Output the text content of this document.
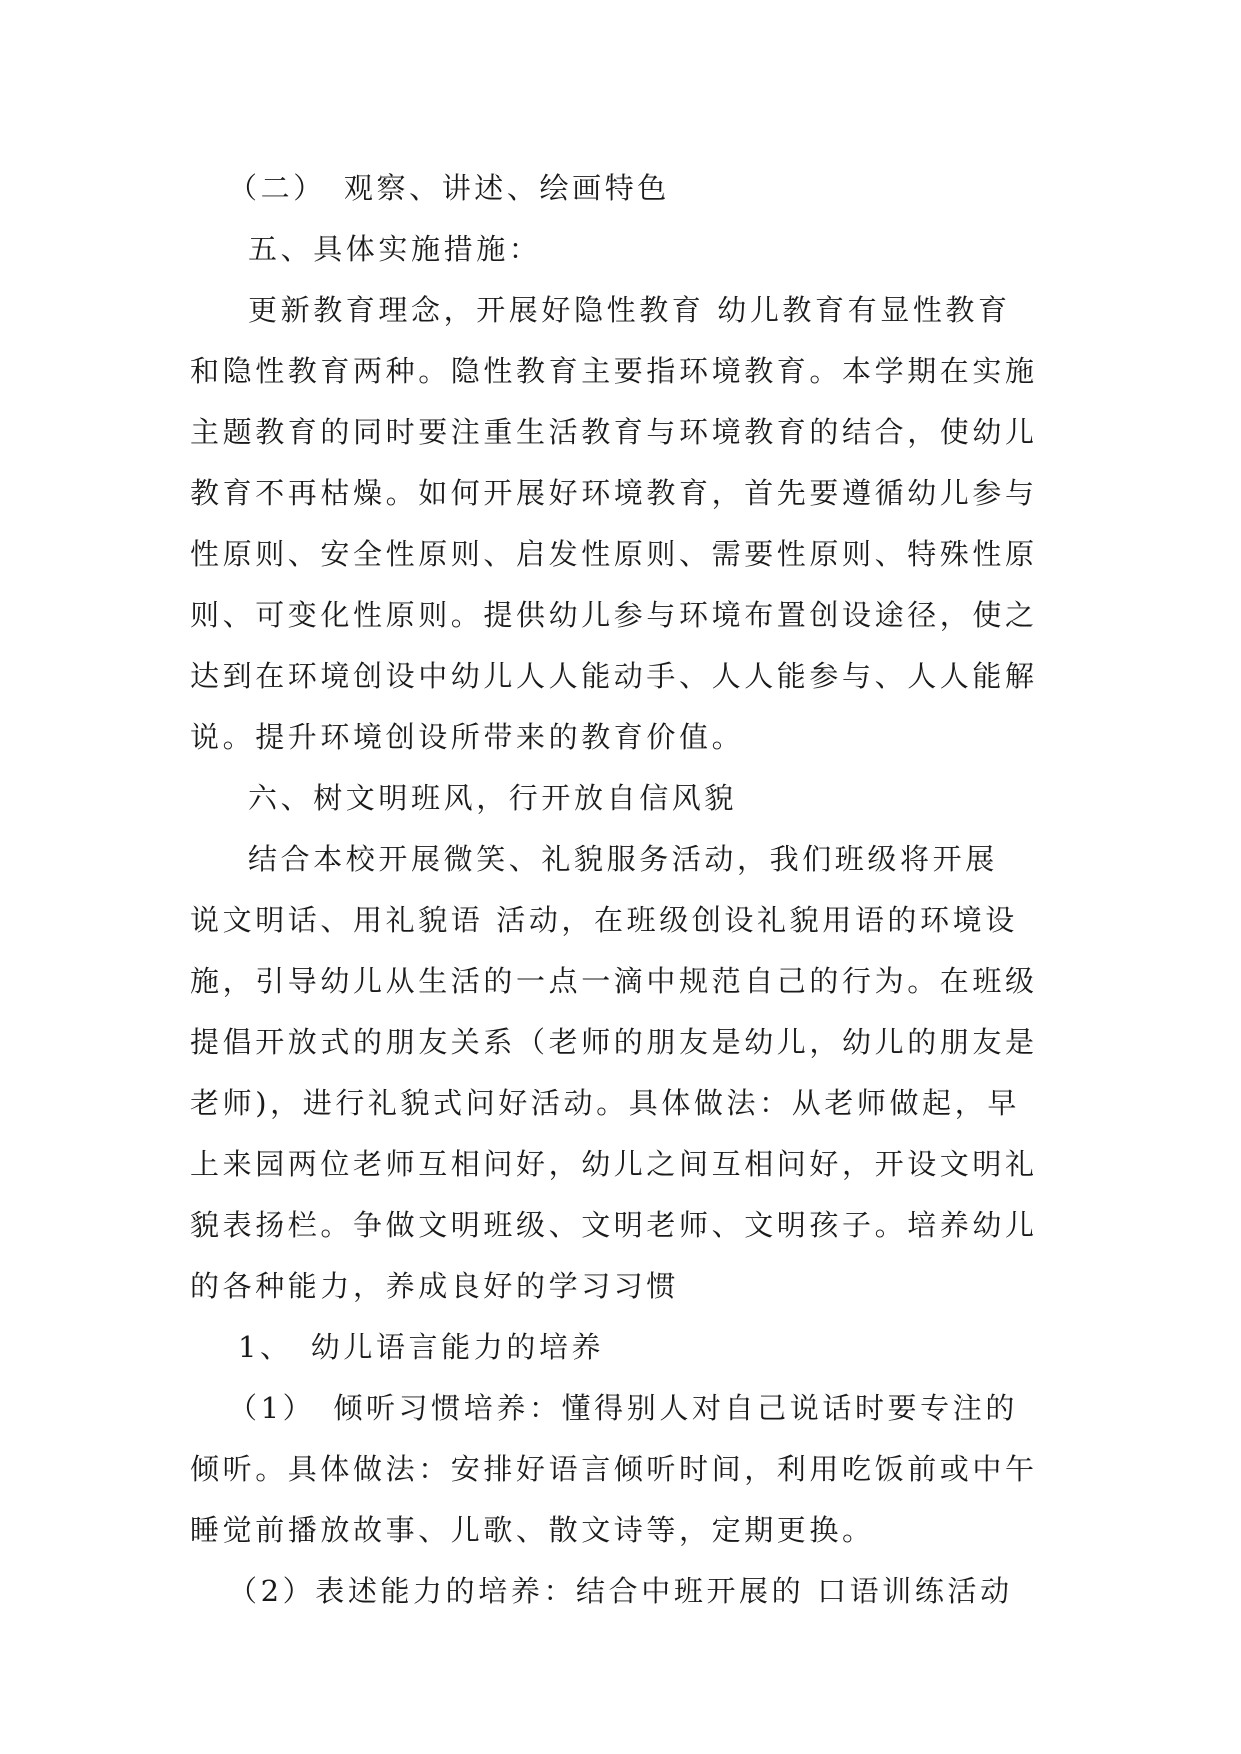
（二）　观察、讲述、绘画特色
五、具体实施措施：
更新教育理念，开展好隐性教育 幼儿教育有显性教育
和隐性教育两种。隐性教育主要指环境教育。本学期在实施
主题教育的同时要注重生活教育与环境教育的结合，使幼儿
教育不再枯燥。如何开展好环境教育，首先要遵循幼儿参与
性原则、安全性原则、启发性原则、需要性原则、特殊性原
则、可变化性原则。提供幼儿参与环境布置创设途径，使之
达到在环境创设中幼儿人人能动手、人人能参与、人人能解
说。提升环境创设所带来的教育价值。
六、树文明班风，行开放自信风貌
结合本校开展微笑、礼貌服务活动，我们班级将开展
说文明话、用礼貌语 活动，在班级创设礼貌用语的环境设
施，引导幼儿从生活的一点一滴中规范自己的行为。在班级
提倡开放式的朋友关系（老师的朋友是幼儿，幼儿的朋友是
老师)，进行礼貌式问好活动。具体做法：从老师做起，早
上来园两位老师互相问好，幼儿之间互相问好，开设文明礼
貌表扬栏。争做文明班级、文明老师、文明孩子。培养幼儿
的各种能力，养成良好的学习习惯
1、　幼儿语言能力的培养
（1）　倾听习惯培养：懂得别人对自己说话时要专注的
倾听。具体做法：安排好语言倾听时间，利用吃饭前或中午
睡觉前播放故事、儿歌、散文诗等，定期更换。
（2）表述能力的培养：结合中班开展的 口语训练活动
